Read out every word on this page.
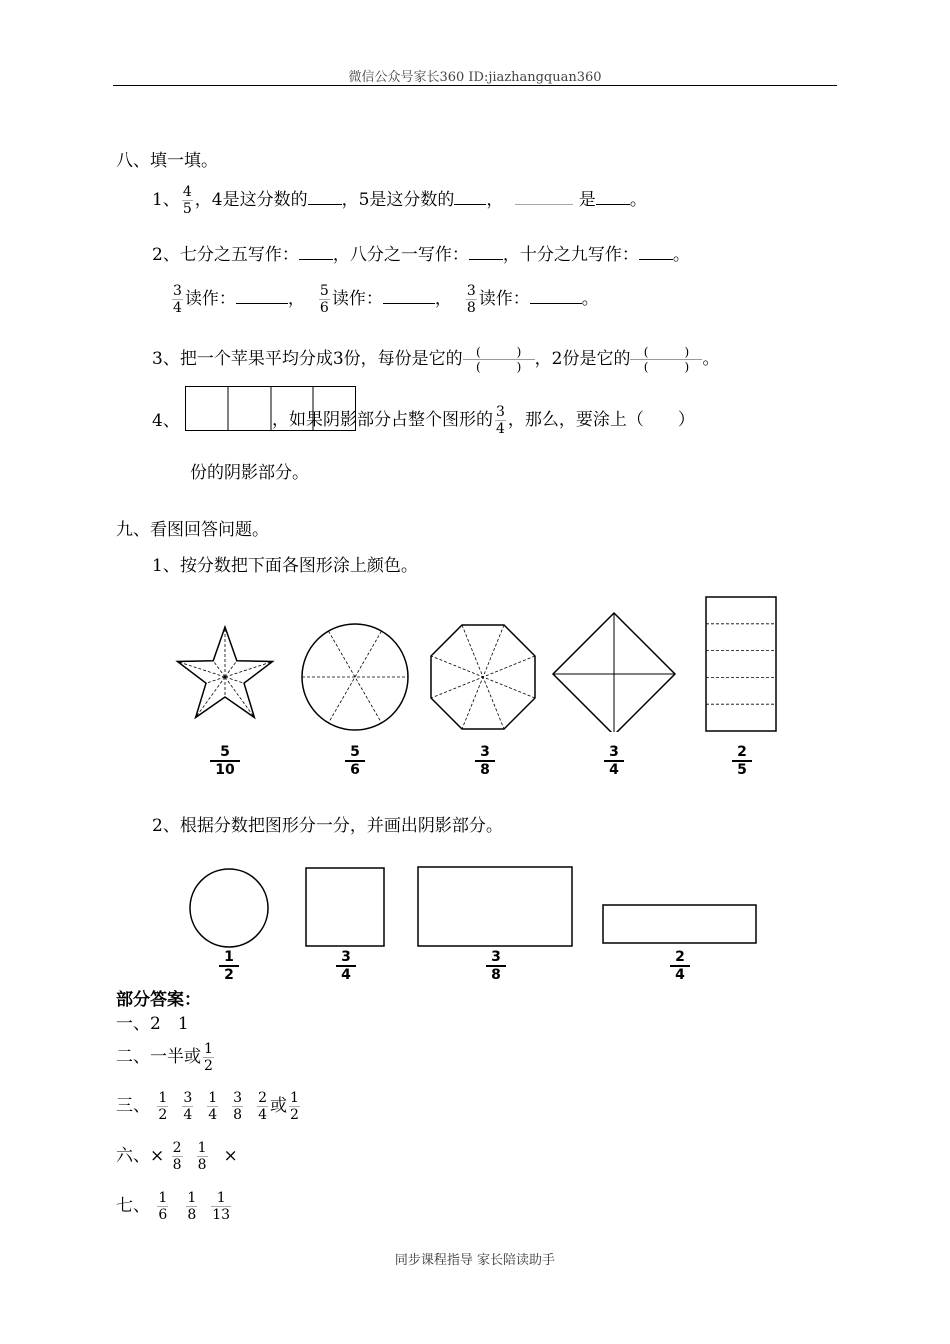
微信公众号家长360 ID:jiazhangquan360
八、填一填。
1、 $\frac{4}{5}$ ，4是这分数的 ，5是这分数的 ，	是 。
2、七分之五写作： ，八分之一写作： ，十分之九写作： 。
$\frac{3}{4}$ 读作：	， $\frac{5}{6}$ 读作：	， $\frac{3}{8}$ 读作：	。
3、把一个苹果平均分成3份，每份是它的	(　　　)
(　　　) ，2份是它的	(　　　)
(　　　) 。
4、	，如果阴影部分占整个图形的 $\frac{3}{4}$ ，那么，要涂上（　　）
份的阴影部分。
九、看图回答问题。
1、按分数把下面各图形涂上颜色。
5
10
5
6
3
8
3
4
2
5
2、根据分数把图形分一分，并画出阴影部分。
1
2
3
4
3
8
2
4
部分答案：
一、2　1
二、一半或 $\frac{1}{2}$
三、 $\frac{1}{2} \frac{3}{4} \frac{1}{4} \frac{3}{8} \frac{2}{4}$ 或 $\frac{1}{2}$
六、× $\frac{2}{8} \frac{1}{8}$ ×
七、 $\frac{1}{6} \frac{1}{8} \frac{1}{13}$
同步课程指导 家长陪读助手
